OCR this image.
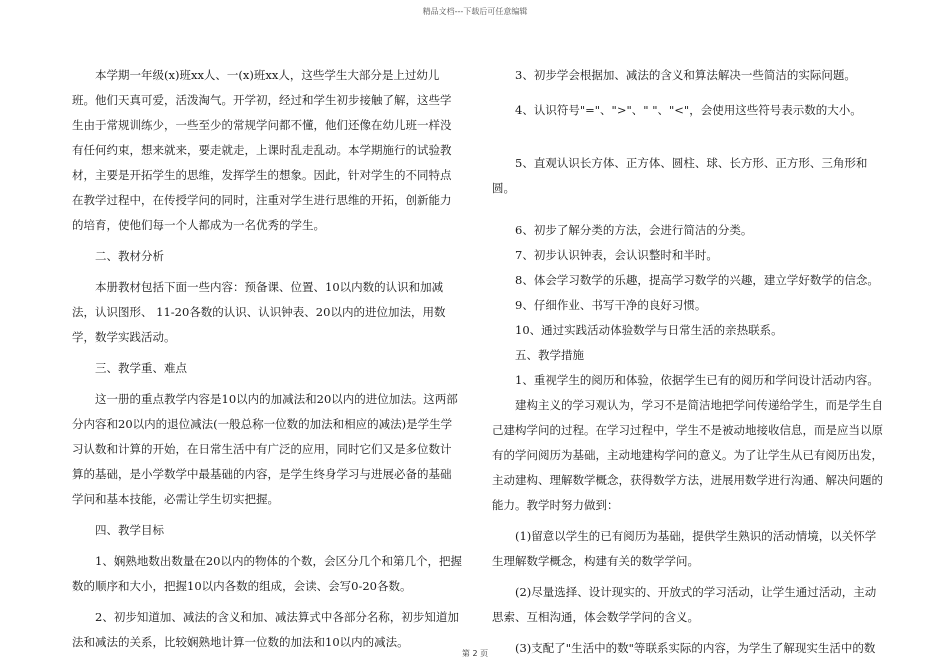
精品文档---下载后可任意编辑

本学期一年级(x)班xx人、一(x)班xx人，这些学生大部分是上过幼儿班。他们天真可爱，活泼淘气。开学初，经过和学生初步接触了解，这些学生由于常规训练少，一些至少的常规学问都不懂，他们还像在幼儿班一样没有任何约束，想来就来，要走就走，上课时乱走乱动。本学期施行的试验教材，主要是开拓学生的思维，发挥学生的想象。因此，针对学生的不同特点在教学过程中，在传授学问的同时，注重对学生进行思维的开拓，创新能力的培育，使他们每一个人都成为一名优秀的学生。

二、教材分析

本册教材包括下面一些内容：预备课、位置、10以内数的认识和加减法，认识图形、 11-20各数的认识、认识钟表、20以内的进位加法，用数学，数学实践活动。

三、教学重、难点

这一册的重点教学内容是10以内的加减法和20以内的进位加法。这两部分内容和20以内的退位减法(一般总称一位数的加法和相应的减法)是学生学习认数和计算的开始，在日常生活中有广泛的应用，同时它们又是多位数计算的基础，是小学数学中最基础的内容，是学生终身学习与进展必备的基础学问和基本技能，必需让学生切实把握。

四、教学目标

1、娴熟地数出数量在20以内的物体的个数，会区分几个和第几个，把握数的顺序和大小，把握10以内各数的组成，会读、会写0-20各数。

2、初步知道加、减法的含义和加、减法算式中各部分名称，初步知道加法和减法的关系，比较娴熟地计算一位数的加法和10以内的减法。

3、初步学会根据加、减法的含义和算法解决一些简洁的实际问题。

4、认识符号"="、">"、" "、"<"，会使用这些符号表示数的大小。

5、直观认识长方体、正方体、圆柱、球、长方形、正方形、三角形和圆。

6、初步了解分类的方法，会进行简洁的分类。

7、初步认识钟表，会认识整时和半时。

8、体会学习数学的乐趣，提高学习数学的兴趣，建立学好数学的信念。

9、仔细作业、书写干净的良好习惯。

10、通过实践活动体验数学与日常生活的亲热联系。

五、教学措施

1、重视学生的阅历和体验，依据学生已有的阅历和学问设计活动内容。

建构主义的学习观认为，学习不是简洁地把学问传递给学生，而是学生自己建构学问的过程。在学习过程中，学生不是被动地接收信息，而是应当以原有的学问阅历为基础，主动地建构学问的意义。为了让学生从已有阅历出发，主动建构、理解数学概念，获得数学方法，进展用数学进行沟通、解决问题的能力。教学时努力做到：

(1)留意以学生的已有阅历为基础，提供学生熟识的活动情境，以关怀学生理解数学概念，构建有关的数学学问。

(2)尽量选择、设计现实的、开放式的学习活动，让学生通过活动，主动思索、互相沟通，体会数学学问的含义。

(3)支配了"生活中的数"等联系实际的内容，为学生了解现实生活中的数

第 2 页
